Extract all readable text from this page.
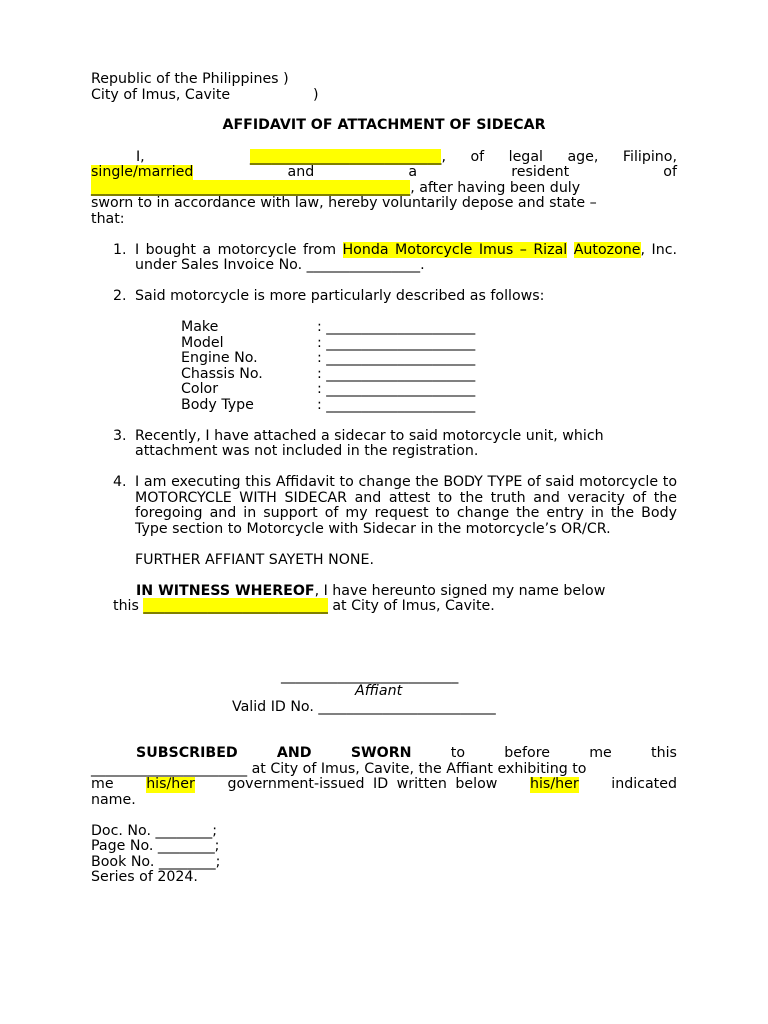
Republic of the Philippines )
City of Imus, Cavite	)
AFFIDAVIT OF ATTACHMENT OF SIDECAR
I,	___________________________, of legal age, Filipino,
single/married	and	a	resident	of
_____________________________________________, after having been duly
sworn to in accordance with law, hereby voluntarily depose and state –
that:
1. I bought a motorcycle from Honda Motorcycle Imus – Rizal Autozone, Inc. under Sales Invoice No. ________________.
2. Said motorcycle is more particularly described as follows:
Make	: _____________________
Model	: _____________________
Engine No.	: _____________________
Chassis No.	: _____________________
Color	: _____________________
Body Type	: _____________________
3. Recently, I have attached a sidecar to said motorcycle unit, which
attachment was not included in the registration.
4. I am executing this Affidavit to change the BODY TYPE of said motorcycle to MOTORCYCLE WITH SIDECAR and attest to the truth and veracity of the foregoing and in support of my request to change the entry in the Body Type section to Motorcycle with Sidecar in the motorcycle’s OR/CR.
FURTHER AFFIANT SAYETH NONE.
IN WITNESS WHEREOF, I have hereunto signed my name below
this __________________________ at City of Imus, Cavite.
_________________________
Affiant
Valid ID No. _________________________
SUBSCRIBED	AND	SWORN	to	before	me	this
______________________ at City of Imus, Cavite, the Affiant exhibiting to
me his/her government-issued ID written below his/her indicated
name.
Doc. No. ________;
Page No. ________;
Book No. ________;
Series of 2024.
